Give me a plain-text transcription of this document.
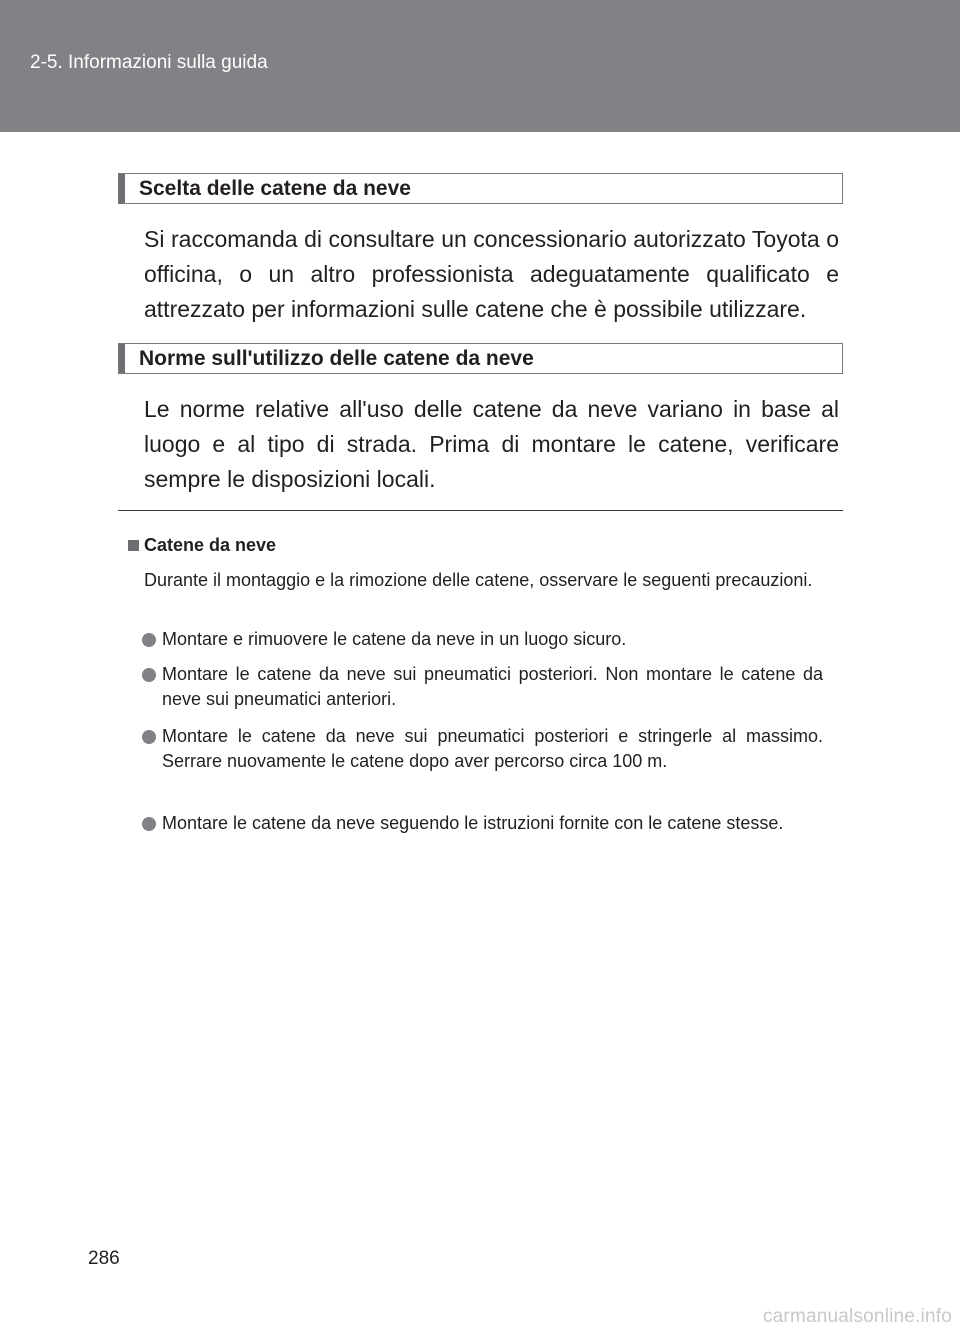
2-5. Informazioni sulla guida
Scelta delle catene da neve
Si raccomanda di consultare un concessionario autorizzato Toyota o officina, o un altro professionista adeguatamente qualificato e attrezzato per informazioni sulle catene che è possibile utilizzare.
Norme sull'utilizzo delle catene da neve
Le norme relative all'uso delle catene da neve variano in base al luogo e al tipo di strada. Prima di montare le catene, verificare sempre le disposizioni locali.
Catene da neve
Durante il montaggio e la rimozione delle catene, osservare le seguenti precauzioni.
Montare e rimuovere le catene da neve in un luogo sicuro.
Montare le catene da neve sui pneumatici posteriori. Non montare le catene da neve sui pneumatici anteriori.
Montare le catene da neve sui pneumatici posteriori e stringerle al massimo. Serrare nuovamente le catene dopo aver percorso circa 100 m.
Montare le catene da neve seguendo le istruzioni fornite con le catene stesse.
286
carmanualsonline.info
